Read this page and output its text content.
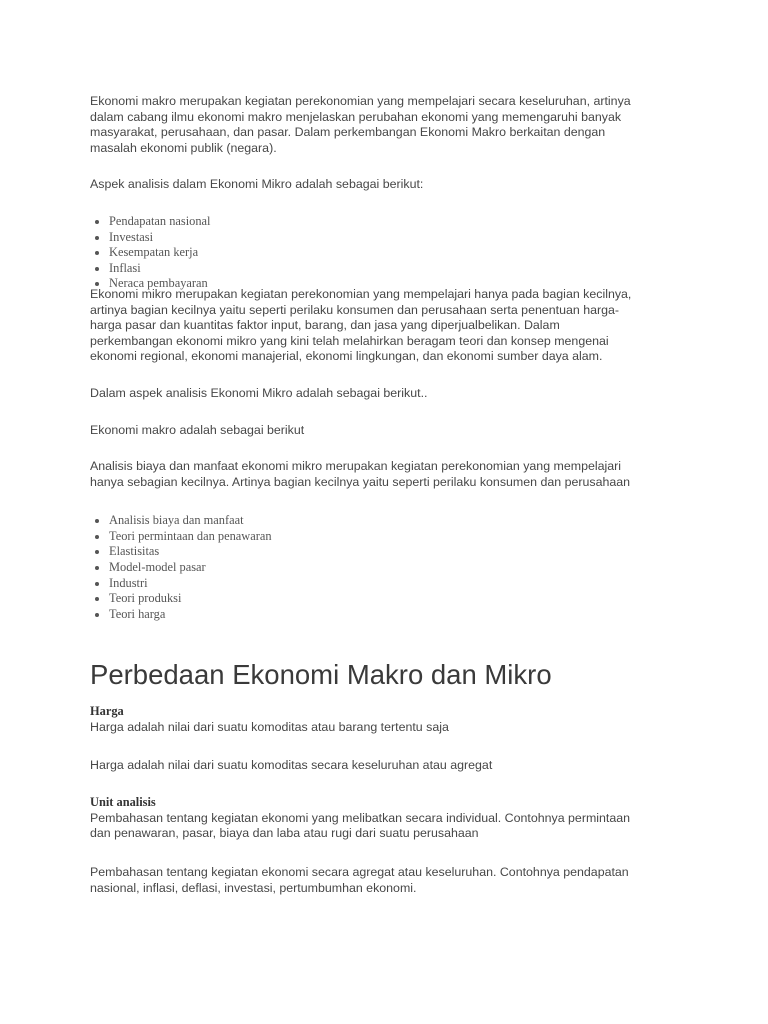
Ekonomi makro merupakan kegiatan perekonomian yang mempelajari secara keseluruhan, artinya
dalam cabang ilmu ekonomi makro menjelaskan perubahan ekonomi yang memengaruhi banyak
masyarakat, perusahaan, dan pasar. Dalam perkembangan Ekonomi Makro berkaitan dengan
masalah ekonomi publik (negara).
Aspek analisis dalam Ekonomi Mikro adalah sebagai berikut:
• Pendapatan nasional
• Investasi
• Kesempatan kerja
• Inflasi
• Neraca pembayaran
Ekonomi mikro merupakan kegiatan perekonomian yang mempelajari hanya pada bagian kecilnya,
artinya bagian kecilnya yaitu seperti perilaku konsumen dan perusahaan serta penentuan harga-
harga pasar dan kuantitas faktor input, barang, dan jasa yang diperjualbelikan. Dalam
perkembangan ekonomi mikro yang kini telah melahirkan beragam teori dan konsep mengenai
ekonomi regional, ekonomi manajerial, ekonomi lingkungan, dan ekonomi sumber daya alam.
Dalam aspek analisis Ekonomi Mikro adalah sebagai berikut..
Ekonomi makro adalah sebagai berikut
Analisis biaya dan manfaat ekonomi mikro merupakan kegiatan perekonomian yang mempelajari
hanya sebagian kecilnya. Artinya bagian kecilnya yaitu seperti perilaku konsumen dan perusahaan
• Analisis biaya dan manfaat
• Teori permintaan dan penawaran
• Elastisitas
• Model-model pasar
• Industri
• Teori produksi
• Teori harga
Perbedaan Ekonomi Makro dan Mikro
Harga
Harga adalah nilai dari suatu komoditas atau barang tertentu saja
Harga adalah nilai dari suatu komoditas secara keseluruhan atau agregat
Unit analisis
Pembahasan tentang kegiatan ekonomi yang melibatkan secara individual. Contohnya permintaan
dan penawaran, pasar, biaya dan laba atau rugi dari suatu perusahaan
Pembahasan tentang kegiatan ekonomi secara agregat atau keseluruhan. Contohnya pendapatan
nasional, inflasi, deflasi, investasi, pertumbumhan ekonomi.
